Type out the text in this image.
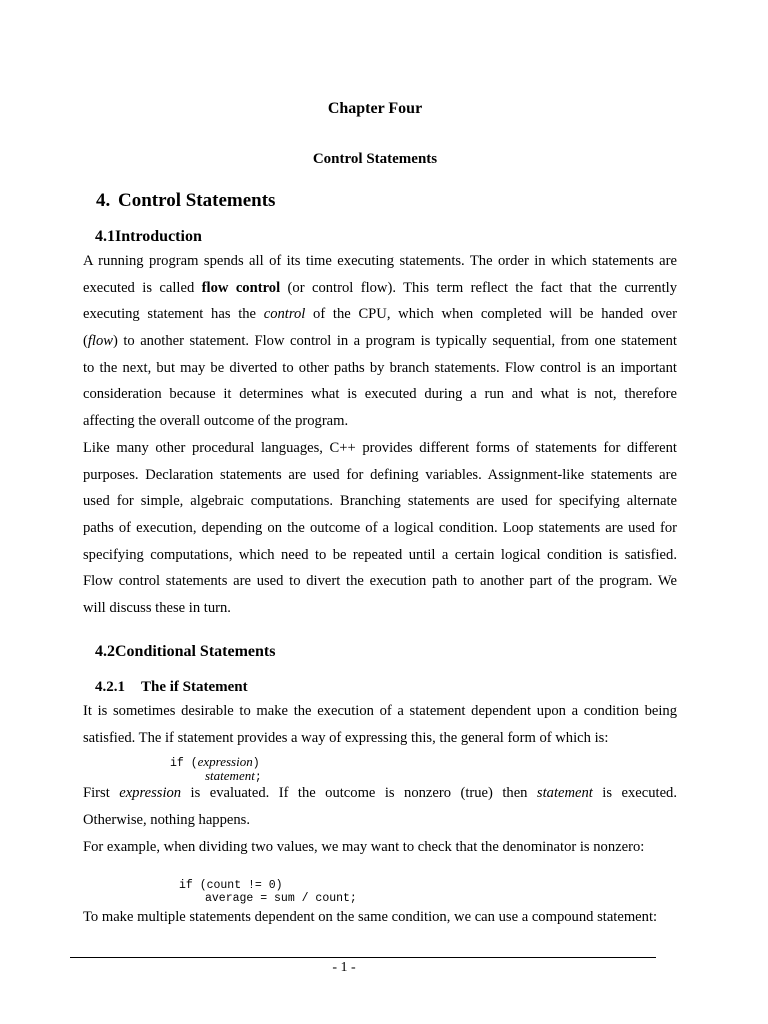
Chapter Four
Control Statements
4. Control Statements
4.1Introduction
A running program spends all of its time executing statements. The order in which statements are
executed is called flow control (or control flow). This term reflect the fact that the currently
executing statement has the control of the CPU, which when completed will be handed over
(flow) to another statement. Flow control in a program is typically sequential, from one statement
to the next, but may be diverted to other paths by branch statements. Flow control is an important
consideration because it determines what is executed during a run and what is not, therefore
affecting the overall outcome of the program.
Like many other procedural languages, C++ provides different forms of statements for different
purposes. Declaration statements are used for defining variables. Assignment-like statements are
used for simple, algebraic computations. Branching statements are used for specifying alternate
paths of execution, depending on the outcome of a logical condition. Loop statements are used for
specifying computations, which need to be repeated until a certain logical condition is satisfied.
Flow control statements are used to divert the execution path to another part of the program. We
will discuss these in turn.
4.2Conditional Statements
4.2.1 The if Statement
It is sometimes desirable to make the execution of a statement dependent upon a condition being
satisfied. The if statement provides a way of expressing this, the general form of which is:
if (expression)
statement;
First expression is evaluated. If the outcome is nonzero (true) then statement is executed.
Otherwise, nothing happens.
For example, when dividing two values, we may want to check that the denominator is nonzero:
if (count != 0)
average = sum / count;
To make multiple statements dependent on the same condition, we can use a compound statement:
- 1 -
